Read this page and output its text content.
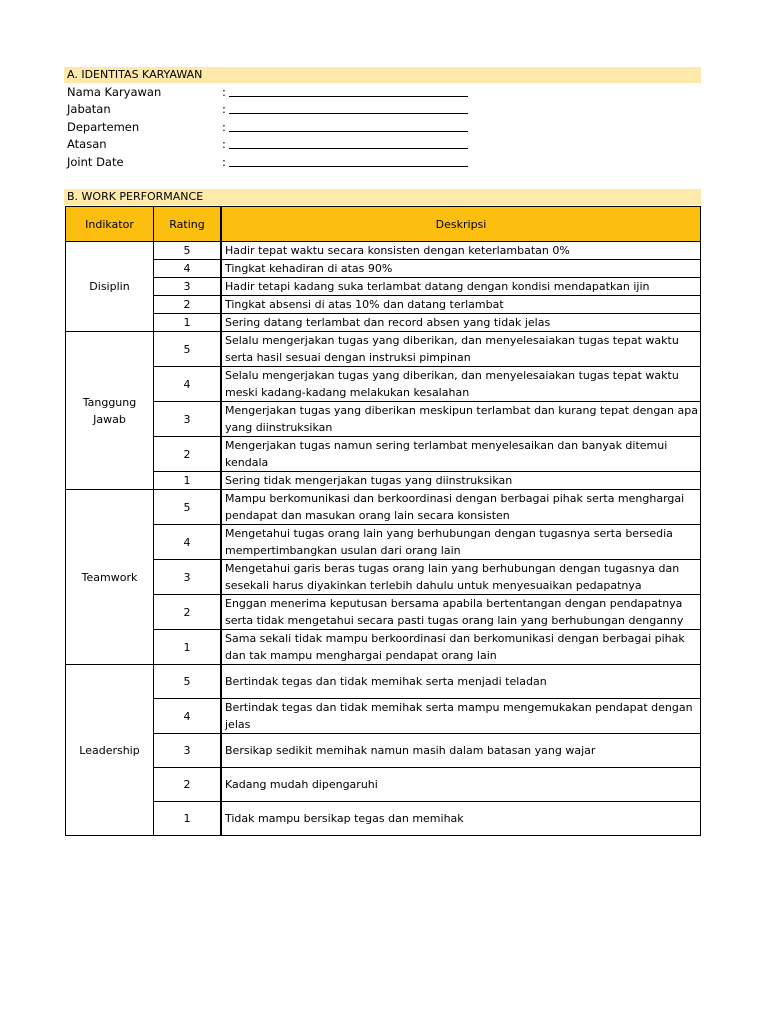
A. IDENTITAS KARYAWAN
Nama Karyawan	:
Jabatan	:
Departemen	:
Atasan	:
Joint Date	:
B. WORK PERFORMANCE
Indikator	Rating	Deskripsi
Disiplin	5	Hadir tepat waktu secara konsisten dengan keterlambatan 0%
	4	Tingkat kehadiran di atas 90%
	3	Hadir tetapi kadang suka terlambat datang dengan kondisi mendapatkan ijin
	2	Tingkat absensi di atas 10% dan datang terlambat
	1	Sering datang terlambat dan record absen yang tidak jelas
Tanggung Jawab	5	Selalu mengerjakan tugas yang diberikan, dan menyelesaiakan tugas tepat waktu serta hasil sesuai dengan instruksi pimpinan
	4	Selalu mengerjakan tugas yang diberikan, dan menyelesaiakan tugas tepat waktu meski kadang-kadang melakukan kesalahan
	3	Mengerjakan tugas yang diberikan meskipun terlambat dan kurang tepat dengan apa yang diinstruksikan
	2	Mengerjakan tugas namun sering terlambat menyelesaikan dan banyak ditemui kendala
	1	Sering tidak mengerjakan tugas yang diinstruksikan
Teamwork	5	Mampu berkomunikasi dan berkoordinasi dengan berbagai pihak serta menghargai pendapat dan masukan orang lain secara konsisten
	4	Mengetahui tugas orang lain yang berhubungan dengan tugasnya serta bersedia mempertimbangkan usulan dari orang lain
	3	Mengetahui garis beras tugas orang lain yang berhubungan dengan tugasnya dan sesekali harus diyakinkan terlebih dahulu untuk menyesuaikan pedapatnya
	2	Enggan menerima keputusan bersama apabila bertentangan dengan pendapatnya serta tidak mengetahui secara pasti tugas orang lain yang berhubungan denganny
	1	Sama sekali tidak mampu berkoordinasi dan berkomunikasi dengan berbagai pihak dan tak mampu menghargai pendapat orang lain
Leadership	5	Bertindak tegas dan tidak memihak serta menjadi teladan
	4	Bertindak tegas dan tidak memihak serta mampu mengemukakan pendapat dengan jelas
	3	Bersikap sedikit memihak namun masih dalam batasan yang wajar
	2	Kadang mudah dipengaruhi
	1	Tidak mampu bersikap tegas dan memihak
